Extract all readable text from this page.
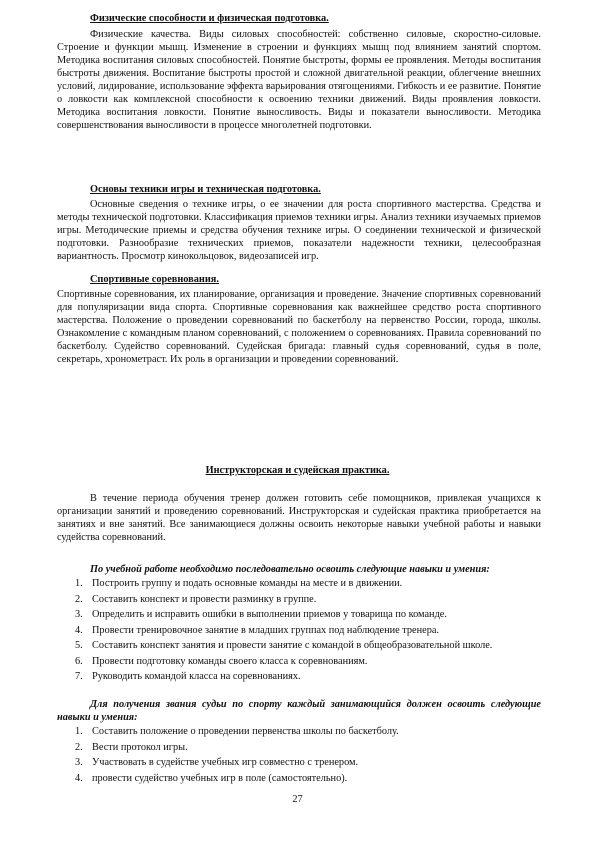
Физические способности и физическая подготовка.

Физические качества. Виды силовых способностей: собственно силовые, скоростно-силовые. Строение и функции мышц. Изменение в строении и функциях мышц под влиянием занятий спортом. Методика воспитания силовых способностей. Понятие быстроты, формы ее проявления. Методы воспитания быстроты движения. Воспитание быстроты простой и сложной двигательной реакции, облегчение внешних условий, лидирование, использование эффекта варьирования отягощениями. Гибкость и ее развитие. Понятие о ловкости как комплексной способности к освоению техники движений. Виды проявления ловкости. Методика воспитания ловкости. Понятие выносливость. Виды и показатели выносливости. Методика совершенствования выносливости в процессе многолетней подготовки.

Основы техники игры и техническая подготовка.

Основные сведения о технике игры, о ее значении для роста спортивного мастерства. Средства и методы технической подготовки. Классификация приемов техники игры. Анализ техники изучаемых приемов игры. Методические приемы и средства обучения технике игры. О соединении технической и физической подготовки. Разнообразие технических приемов, показатели надежности техники, целесообразная вариантность. Просмотр кинокольцовок, видеозаписей игр.

Спортивные соревнования.

Спортивные соревнования, их планирование, организация и проведение. Значение спортивных соревнований для популяризации вида спорта. Спортивные соревнования как важнейшее средство роста спортивного мастерства. Положение о проведении соревнований по баскетболу на первенство России, города, школы. Ознакомление с командным планом соревнований, с положением о соревнованиях. Правила соревнований по баскетболу. Судейство соревнований. Судейская бригада: главный судья соревнований, судья в поле, секретарь, хронометраст. Их роль в организации и проведении соревнований.

Инструкторская и судейская практика.

В течение периода обучения тренер должен готовить себе помощников, привлекая учащихся к организации занятий и проведению соревнований. Инструкторская и судейская практика приобретается на занятиях и вне занятий. Все занимающиеся должны освоить некоторые навыки учебной работы и навыки судейства соревнований.

По учебной работе необходимо последовательно освоить следующие навыки и умения:

1. Построить группу и подать основные команды на месте и в движении.
2. Составить конспект и провести разминку в группе.
3. Определить и исправить ошибки в выполнении приемов у товарища по команде.
4. Провести тренировочное занятие в младших группах под наблюдение тренера.
5. Составить конспект занятия и провести занятие с командой в общеобразовательной школе.
6. Провести подготовку команды своего класса к соревнованиям.
7. Руководить командой класса на соревнованиях.

Для получения звания судьи по спорту каждый занимающийся должен освоить следующие навыки и умения:

1. Составить положение о проведении первенства школы по баскетболу.
2. Вести протокол игры.
3. Участвовать в судействе учебных игр совместно с тренером.
4. провести судейство учебных игр в поле (самостоятельно).

27
